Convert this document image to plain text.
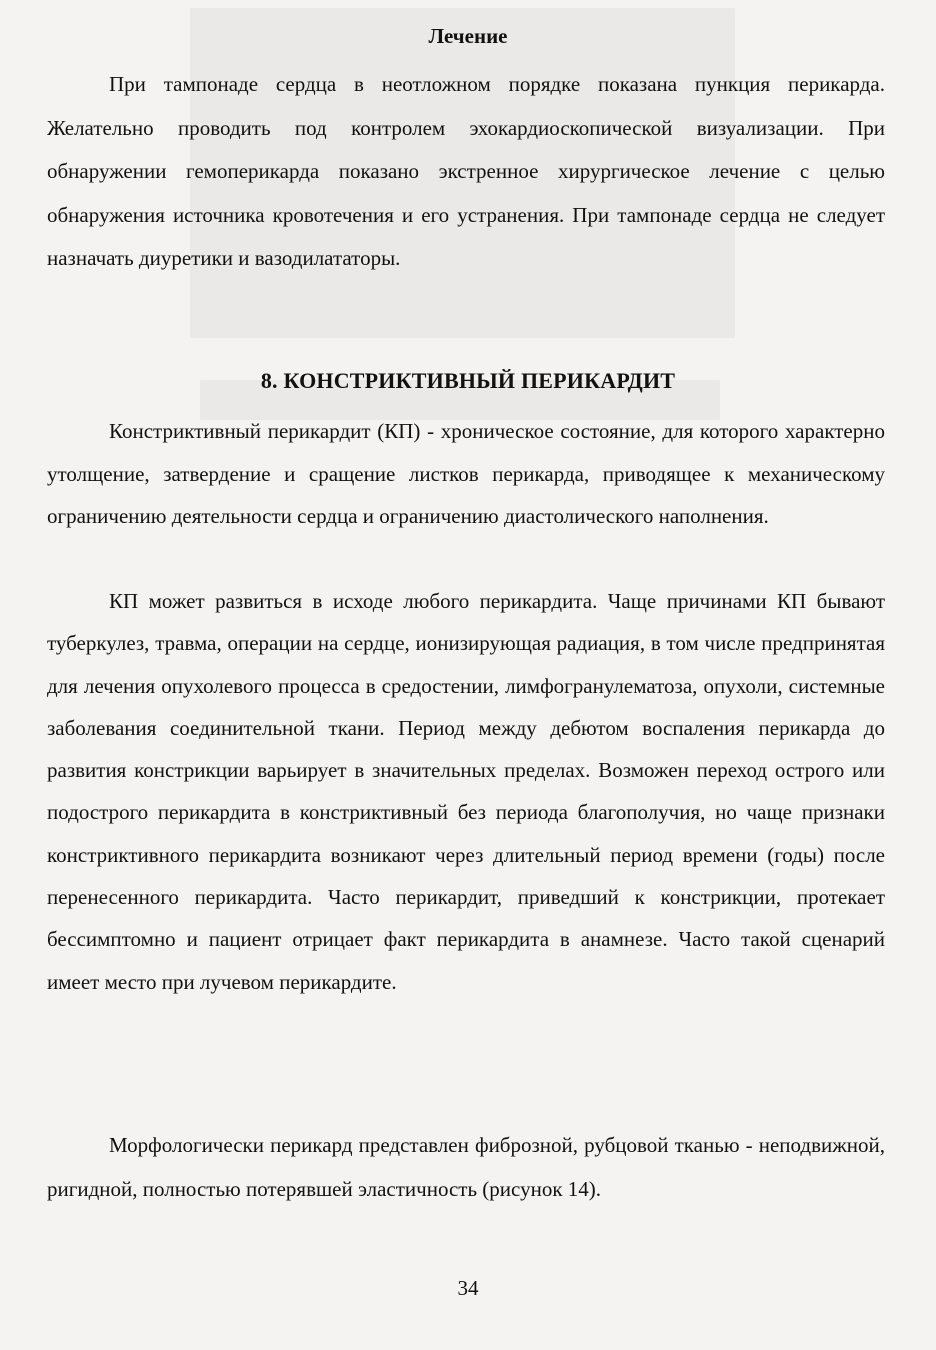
Лечение
При тампонаде сердца в неотложном порядке показана пункция перикарда. Желательно проводить под контролем эхокардиоскопической визуализации. При обнаружении гемоперикарда показано экстренное хирургическое лечение с целью обнаружения источника кровотечения и его устранения. При тампонаде сердца не следует назначать диуретики и вазодилататоры.
8. КОНСТРИКТИВНЫЙ ПЕРИКАРДИТ
Констриктивный перикардит (КП) - хроническое состояние, для которого характерно утолщение, затвердение и сращение листков перикарда, приводящее к механическому ограничению деятельности сердца и ограничению диастолического наполнения.
КП может развиться в исходе любого перикардита. Чаще причинами КП бывают туберкулез, травма, операции на сердце, ионизирующая радиация, в том числе предпринятая для лечения опухолевого процесса в средостении, лимфогранулематоза, опухоли, системные заболевания соединительной ткани. Период между дебютом воспаления перикарда до развития констрикции варьирует в значительных пределах. Возможен переход острого или подострого перикардита в констриктивный без периода благополучия, но чаще признаки констриктивного перикардита возникают через длительный период времени (годы) после перенесенного перикардита. Часто перикардит, приведший к констрикции, протекает бессимптомно и пациент отрицает факт перикардита в анамнезе. Часто такой сценарий имеет место при лучевом перикардите.
Морфологически перикард представлен фиброзной, рубцовой тканью - неподвижной, ригидной, полностью потерявшей эластичность (рисунок 14).
34
